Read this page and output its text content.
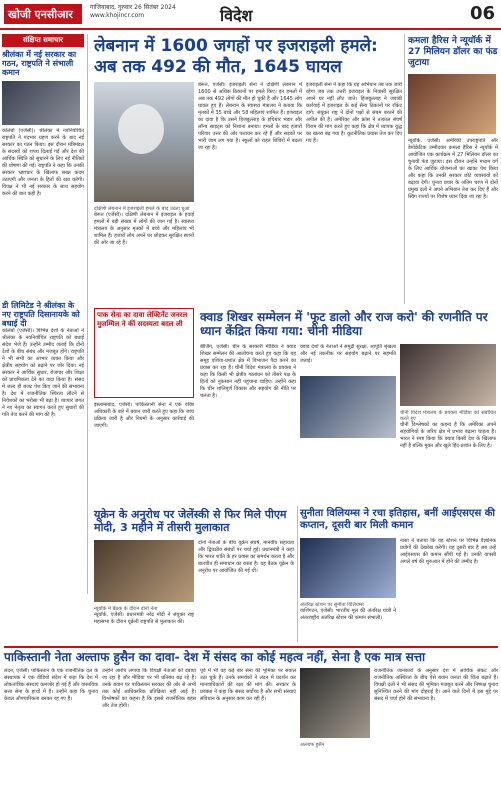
खोजी एनसीआर
गाजियाबाद, गुरुवार 26 सितंबर 2024
www.khojincr.com	विदेश	06
संक्षिप्त समाचार
श्रीलंका में नई सरकार का गठन, राष्ट्रपति ने संभाली कमान
कोलंबो (एजेंसी)। श्रीलंका में नवनिर्वाचित राष्ट्रपति ने पदभार ग्रहण करने के बाद नई सरकार का गठन किया। इस दौरान मंत्रिमंडल के सदस्यों को शपथ दिलाई गई और देश की आर्थिक स्थिति को सुधारने के लिए नई नीतियों की घोषणा की गई। राष्ट्रपति ने कहा कि उनकी सरकार भ्रष्टाचार के खिलाफ सख्त कदम उठाएगी और जनता के हितों की रक्षा करेगी। विपक्ष ने भी नई सरकार के साथ सहयोग करने की बात कही है।
डी लिमिटेड ने श्रीलंका के नए राष्ट्रपति दिसानायके को बधाई दी
कोलंबो (एजेंसी)। विभिन्न देशों के नेताओं ने श्रीलंका के नवनिर्वाचित राष्ट्रपति को बधाई संदेश भेजे हैं। उन्होंने उम्मीद जताई कि दोनों देशों के बीच संबंध और मजबूत होंगे। राष्ट्रपति ने भी सभी का आभार व्यक्त किया और क्षेत्रीय सहयोग को बढ़ाने पर जोर दिया। नई सरकार ने आर्थिक सुधार, रोजगार और शिक्षा को प्राथमिकता देने का वादा किया है। संसद में जल्द ही बजट पेश किए जाने की संभावना है। देश में राजनीतिक स्थिरता लौटने से निवेशकों का भरोसा भी बढ़ा है। व्यापार जगत ने नए नेतृत्व का स्वागत करते हुए सुधारों की गति तेज करने की मांग की है।
लेबनान में 1600 जगहों पर इजराइली हमले: अब तक 492 की मौत, 1645 घायल
दक्षिणी लेबनान में इजराइली हमले के बाद उठता धुआं
बेरूत (एजेंसी)। दक्षिणी लेबनान में इजराइल के हवाई हमलों में बड़ी संख्या में लोगों की जान गई है। स्वास्थ्य मंत्रालय के अनुसार मृतकों में बच्चे और महिलाएं भी शामिल हैं। हजारों लोग अपने घर छोड़कर सुरक्षित स्थानों की ओर जा रहे हैं।
बेरूत, एजेंसी। इजराइली सेना ने दक्षिणी लेबनान में 1600 से अधिक ठिकानों पर हमले किए। इन हमलों में अब तक 492 लोगों की मौत हो चुकी है और 1645 लोग घायल हुए हैं। लेबनान के स्वास्थ्य मंत्रालय ने बताया कि मृतकों में 35 बच्चे और 58 महिलाएं शामिल हैं। इजराइल का दावा है कि उसने हिजबुल्लाह के हथियार भंडार और लॉन्च साइट्स को निशाना बनाया। हमलों के बाद हजारों परिवार उत्तर की ओर पलायन कर रहे हैं और सड़कों पर भारी जाम लग गया है। स्कूलों को राहत शिविरों में बदला जा रहा है।
इजराइली सेना ने कहा कि यह अभियान तब तक जारी रहेगा जब तक उत्तरी इजराइल के निवासी सुरक्षित अपने घर नहीं लौट जाते। हिजबुल्लाह ने जवाबी कार्रवाई में इजराइल के कई सैन्य ठिकानों पर रॉकेट दागे। संयुक्त राष्ट्र ने दोनों पक्षों से संयम बरतने की अपील की है। अमेरिका और फ्रांस ने तत्काल संघर्ष विराम की मांग करते हुए कहा कि क्षेत्र में व्यापक युद्ध का खतरा बढ़ गया है। कूटनीतिक प्रयास तेज कर दिए गए हैं।
कमला हैरिस ने न्यूयॉर्क में 27 मिलियन डॉलर का फंड जुटाया
न्यूयॉर्क, एजेंसी। अमेरिकी उपराष्ट्रपति और डेमोक्रेटिक उम्मीदवार कमला हैरिस ने न्यूयॉर्क में आयोजित एक कार्यक्रम में 27 मिलियन डॉलर का चुनावी फंड जुटाया। इस दौरान उन्होंने मध्यम वर्ग के लिए आर्थिक योजनाओं का खाका पेश किया और कहा कि उनकी सरकार छोटे व्यवसायों को बढ़ावा देगी। चुनाव प्रचार के अंतिम चरण में दोनों प्रमुख दलों ने अपने अभियान तेज कर दिए हैं और स्विंग राज्यों पर विशेष ध्यान दिया जा रहा है।
पाक सेना का दावा लेफ्टिनेंट जनरल मुजम्मिल ने कीं सदस्यता बदल ली	क्वाड शिखर सम्मेलन में 'फूट डालो और राज करो' की रणनीति पर ध्यान केंद्रित किया गया: चीनी मीडिया
इस्लामाबाद, एजेंसी। पाकिस्तानी सेना ने एक वरिष्ठ अधिकारी के बारे में बयान जारी करते हुए कहा कि जांच प्रक्रिया जारी है और नियमों के अनुसार कार्रवाई की जाएगी।
बीजिंग, एजेंसी। चीन के सरकारी मीडिया ने क्वाड शिखर सम्मेलन की आलोचना करते हुए कहा कि यह समूह एशिया-प्रशांत क्षेत्र में विभाजन पैदा करने का प्रयास कर रहा है। चीनी विदेश मंत्रालय के प्रवक्ता ने कहा कि किसी भी क्षेत्रीय गठबंधन को तीसरे पक्ष के हितों को नुकसान नहीं पहुंचाना चाहिए। उन्होंने कहा कि चीन शांतिपूर्ण विकास और सहयोग की नीति पर चलता है।
क्वाड देशों के नेताओं ने समुद्री सुरक्षा, आपूर्ति श्रृंखला और नई तकनीक पर सहयोग बढ़ाने पर सहमति जताई।
चीनी विदेश मंत्रालय के प्रवक्ता मीडिया को संबोधित करते हुए
चीनी विश्लेषकों का कहना है कि अमेरिका अपने सहयोगियों के जरिए क्षेत्र में प्रभाव बढ़ाना चाहता है। भारत ने स्पष्ट किया कि क्वाड किसी देश के खिलाफ नहीं है बल्कि मुक्त और खुले हिंद-प्रशांत के लिए है।
यूक्रेन के अनुरोध पर जेलेंस्की से फिर मिले पीएम मोदी, 3 महीने में तीसरी मुलाकात
न्यूयॉर्क में बैठक के दौरान दोनों नेता
न्यूयॉर्क, एजेंसी। प्रधानमंत्री नरेंद्र मोदी ने संयुक्त राष्ट्र महासभा के दौरान यूक्रेनी राष्ट्रपति से मुलाकात की।
दोनों नेताओं के बीच यूक्रेन संघर्ष, मानवीय सहायता और द्विपक्षीय संबंधों पर चर्चा हुई। प्रधानमंत्री ने कहा कि भारत शांति के हर प्रयास का समर्थन करता है और बातचीत ही समाधान का रास्ता है। यह बैठक यूक्रेन के अनुरोध पर आयोजित की गई थी।
सुनीता विलियम्स ने रचा इतिहास, बनीं आईएसएस की कप्तान, दूसरी बार मिली कमान
अंतरिक्ष स्टेशन पर सुनीता विलियम्स
वाशिंगटन, एजेंसी। भारतीय मूल की अंतरिक्ष यात्री ने अंतरराष्ट्रीय अंतरिक्ष स्टेशन की कमान संभाली।
नासा ने बताया कि वह स्टेशन पर विभिन्न वैज्ञानिक प्रयोगों की देखरेख करेंगी। यह दूसरी बार है जब उन्हें आईएसएस की कमान सौंपी गई है। उनकी वापसी अगले वर्ष की शुरुआत में होने की उम्मीद है।
पाकिस्तानी नेता अल्ताफ हुसैन का दावा- देश में संसद का कोई महत्व नहीं, सेना है एक मात्र सत्ता
लंदन, एजेंसी। पाकिस्तान के एक राजनीतिक दल के संस्थापक ने एक वीडियो संदेश में कहा कि देश में लोकतांत्रिक संस्थाएं कमजोर हो गई हैं और वास्तविक सत्ता सेना के हाथों में है। उन्होंने कहा कि चुनाव केवल औपचारिकता बनकर रह गए हैं।
उन्होंने आरोप लगाया कि विपक्षी नेताओं को दबाया जा रहा है और मीडिया पर भी प्रतिबंध बढ़ रहे हैं। उनके बयान पर पाकिस्तान सरकार की ओर से अभी तक कोई आधिकारिक प्रतिक्रिया नहीं आई है। विश्लेषकों का कहना है कि इससे राजनीतिक बहस और तेज होगी।
पूर्व में भी वह कई बार सेना की भूमिका पर सवाल उठा चुके हैं। उनके समर्थकों ने लंदन में प्रदर्शन कर मानवाधिकारों की रक्षा की मांग की। सरकार के प्रवक्ता ने कहा कि संसद सर्वोच्च है और सभी संस्थाएं संविधान के अनुसार काम कर रही हैं।
अल्ताफ हुसैन
राजनीतिक जानकारों के अनुसार देश में आर्थिक संकट और राजनीतिक अस्थिरता के बीच ऐसे बयान जनता की चिंता बढ़ाते हैं। विपक्षी दलों ने भी संसद की भूमिका मजबूत करने और निष्पक्ष चुनाव सुनिश्चित करने की मांग दोहराई है। आने वाले दिनों में इस मुद्दे पर संसद में चर्चा होने की संभावना है।
